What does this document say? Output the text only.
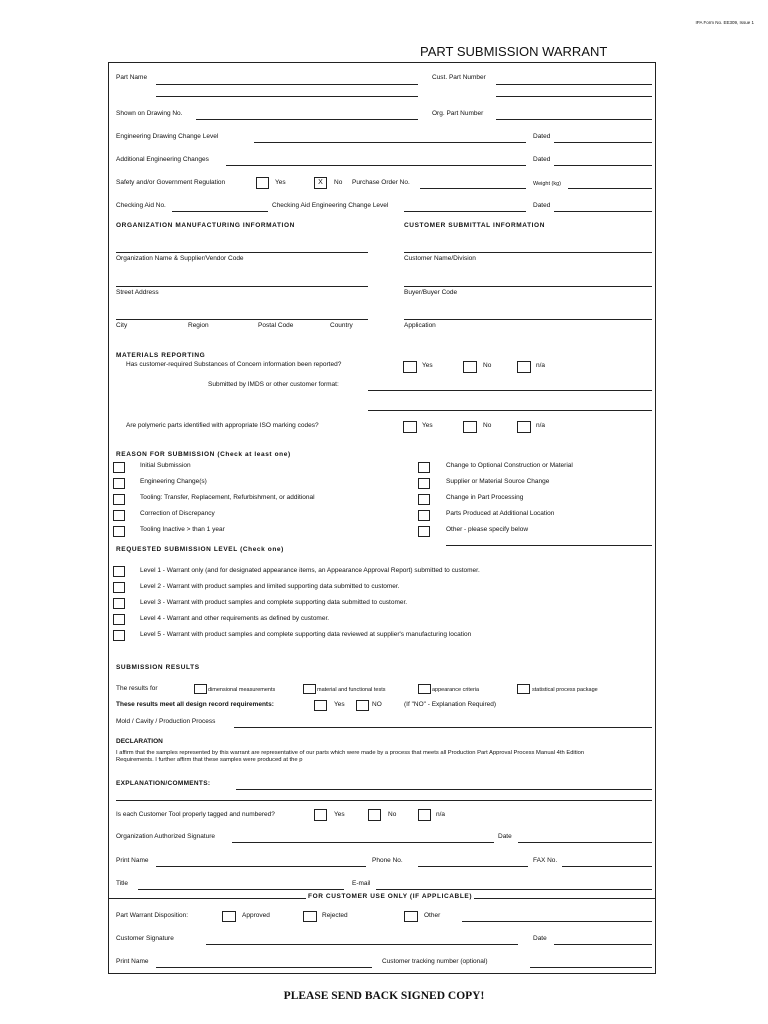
IPA Form No. EE309, Issue 1
PART SUBMISSION WARRANT
Part Name	Cust. Part Number
Shown on Drawing No.	Org. Part Number
Engineering Drawing Change Level	Dated
Additional Engineering Changes	Dated
Safety and/or Government Regulation	Yes	X	No Purchase Order No.	Weight (kg)
Checking Aid No.	Checking Aid Engineering Change Level	Dated
ORGANIZATION MANUFACTURING INFORMATION	CUSTOMER SUBMITTAL INFORMATION
Organization Name & Supplier/Vendor Code	Customer Name/Division
Street Address	Buyer/Buyer Code
City	Region	Postal Code	Country	Application
MATERIALS REPORTING
Has customer-required Substances of Concern information been reported?	Yes	No	n/a
Submitted by IMDS or other customer format:
Are polymeric parts identified with appropriate ISO marking codes?	Yes	No	n/a
REASON FOR SUBMISSION (Check at least one)
Initial Submission
Engineering Change(s)
Tooling: Transfer, Replacement, Refurbishment, or additional
Correction of Discrepancy
Tooling Inactive > than 1 year
Change to Optional Construction or Material
Supplier or Material Source Change
Change in Part Processing
Parts Produced at Additional Location
Other - please specify below
REQUESTED SUBMISSION LEVEL (Check one)
Level 1 - Warrant only (and for designated appearance items, an Appearance Approval Report) submitted to customer.
Level 2 - Warrant with product samples and limited supporting data submitted to customer.
Level 3 - Warrant with product samples and complete supporting data submitted to customer.
Level 4 - Warrant and other requirements as defined by customer.
Level 5 - Warrant with product samples and complete supporting data reviewed at supplier's manufacturing location
SUBMISSION RESULTS
The results for	dimensional measurements	material and functional tests	appearance criteria	statistical process package
These results meet all design record requirements:	Yes	NO	(If "NO" - Explanation Required)
Mold / Cavity / Production Process
DECLARATION
I affirm that the samples represented by this warrant are representative of our parts which were made by a process that meets all Production Part Approval Process Manual 4th Edition
Requirements. I further affirm that these samples were produced at the p
EXPLANATION/COMMENTS:
Is each Customer Tool properly tagged and numbered?	Yes	No	n/a
Organization Authorized Signature	Date
Print Name	Phone No.	FAX No.
Title	E-mail
FOR CUSTOMER USE ONLY (IF APPLICABLE)
Part Warrant Disposition:	Approved	Rejected	Other
Customer Signature	Date
Print Name	Customer tracking number (optional)
PLEASE SEND BACK SIGNED COPY!
